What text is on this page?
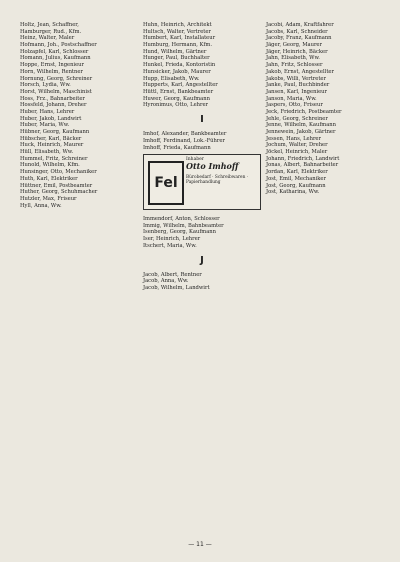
Holtz, Jean, Schaffner,
Hamburger, Rud., Kfm.
Heinz, Walter, Maler
Hofmann, Joh., Postschaffner
Holzapfel, Karl, Schlosser
Homann, Julius, Kaufmann
Hoppe, Ernst, Ingenieur
Horn, Wilhelm, Rentner
Hornung, Georg, Schreiner
Horsch, Lydia, Ww.
Horst, Wilhelm, Maschinist
Hoss, Frz., Bahnarbeiter
Hossfeld, Johann, Dreher
Huber, Hans, Lehrer
Huber, Jakob, Landwirt
Huber, Maria, Ww.
Hübner, Georg, Kaufmann
Hübscher, Karl, Bäcker
Huck, Heinrich, Maurer
Hüll, Elisabeth, Ww.
Hummel, Fritz, Schreiner
Hunold, Wilhelm, Kfm.
Hunsinger, Otto, Mechaniker
Huth, Karl, Elektriker
Hüttner, Emil, Postbeamter
Huther, Georg, Schuhmacher
Hutzler, Max, Friseur
Hyll, Anna, Ww.
Huhn, Heinrich, Architekt
Hultsch, Walter, Vertreter
Humbert, Karl, Installateur
Humburg, Hermann, Kfm.
Hund, Wilhelm, Gärtner
Hunger, Paul, Buchhalter
Hunkel, Frieda, Kontoristin
Hunsicker, Jakob, Maurer
Hupp, Elisabeth, Ww.
Hupperts, Karl, Angestellter
Hüttl, Ernst, Bankbeamter
Huwer, Georg, Kaufmann
Hyronimus, Otto, Lehrer
I
Imhof, Alexander, Bankbeamter
Imhoff, Ferdinand, Lok.-Führer
Imhoff, Frieda, Kaufmann
Fel
Inhaber
Otto Imhoff
Bürobedarf · Schreibwaren · Papierhandlung
Immendorf, Anton, Schlosser
Immig, Wilhelm, Bahnbeamter
Isenberg, Georg, Kaufmann
Iser, Heinrich, Lehrer
Itschert, Maria, Ww.
J
Jacob, Albert, Rentner
Jacob, Anna, Ww.
Jacob, Wilhelm, Landwirt
Jacobi, Adam, Kraftfahrer
Jacobs, Karl, Schneider
Jacoby, Franz, Kaufmann
Jäger, Georg, Maurer
Jäger, Heinrich, Bäcker
Jahn, Elisabeth, Ww.
Jahn, Fritz, Schlosser
Jakob, Ernst, Angestellter
Jakobs, Willi, Vertreter
Janke, Paul, Buchbinder
Jansen, Karl, Ingenieur
Janson, Maria, Ww.
Jaspers, Otto, Friseur
Jeck, Friedrich, Postbeamter
Jehle, Georg, Schreiner
Jenne, Wilhelm, Kaufmann
Jennewein, Jakob, Gärtner
Jessen, Hans, Lehrer
Jochum, Walter, Dreher
Jöckel, Heinrich, Maler
Johann, Friedrich, Landwirt
Jonas, Albert, Bahnarbeiter
Jordan, Karl, Elektriker
Jost, Emil, Mechaniker
Jost, Georg, Kaufmann
Jost, Katharina, Ww.
— 11 —
